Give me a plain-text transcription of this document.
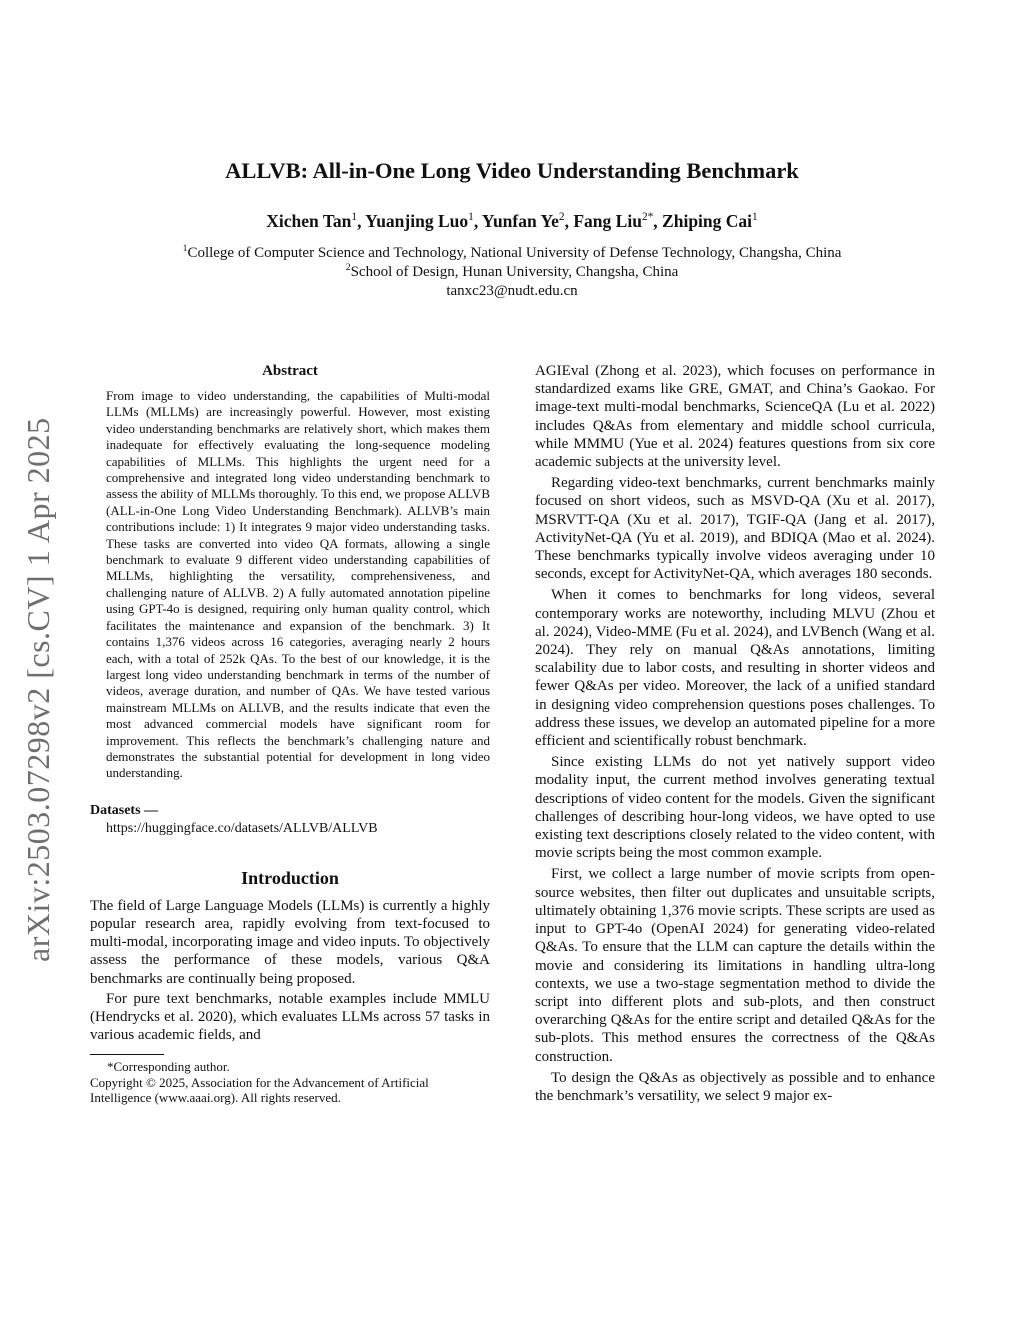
arXiv:2503.07298v2 [cs.CV] 1 Apr 2025
ALLVB: All-in-One Long Video Understanding Benchmark
Xichen Tan$^1$, Yuanjing Luo$^1$, Yunfan Ye$^2$, Fang Liu$^{2*}$, Zhiping Cai$^1$
$^1$College of Computer Science and Technology, National University of Defense Technology, Changsha, China
$^2$School of Design, Hunan University, Changsha, China
tanxc23@nudt.edu.cn
Abstract

From image to video understanding, the capabilities of Multi-modal LLMs (MLLMs) are increasingly powerful. However, most existing video understanding benchmarks are relatively short, which makes them inadequate for effectively evaluating the long-sequence modeling capabilities of MLLMs. This highlights the urgent need for a comprehensive and integrated long video understanding benchmark to assess the ability of MLLMs thoroughly. To this end, we propose ALLVB (ALL-in-One Long Video Understanding Benchmark). ALLVB’s main contributions include: 1) It integrates 9 major video understanding tasks. These tasks are converted into video QA formats, allowing a single benchmark to evaluate 9 different video understanding capabilities of MLLMs, highlighting the versatility, comprehensiveness, and challenging nature of ALLVB. 2) A fully automated annotation pipeline using GPT-4o is designed, requiring only human quality control, which facilitates the maintenance and expansion of the benchmark. 3) It contains 1,376 videos across 16 categories, averaging nearly 2 hours each, with a total of 252k QAs. To the best of our knowledge, it is the largest long video understanding benchmark in terms of the number of videos, average duration, and number of QAs. We have tested various mainstream MLLMs on ALLVB, and the results indicate that even the most advanced commercial models have significant room for improvement. This reflects the benchmark’s challenging nature and demonstrates the substantial potential for development in long video understanding.

Datasets —
https://huggingface.co/datasets/ALLVB/ALLVB
Introduction

The field of Large Language Models (LLMs) is currently a highly popular research area, rapidly evolving from text-focused to multi-modal, incorporating image and video inputs. To objectively assess the performance of these models, various Q&A benchmarks are continually being proposed.

For pure text benchmarks, notable examples include MMLU (Hendrycks et al. 2020), which evaluates LLMs across 57 tasks in various academic fields, and

*Corresponding author.

Copyright © 2025, Association for the Advancement of Artificial Intelligence (www.aaai.org). All rights reserved.

AGIEval (Zhong et al. 2023), which focuses on performance in standardized exams like GRE, GMAT, and China’s Gaokao. For image-text multi-modal benchmarks, ScienceQA (Lu et al. 2022) includes Q&As from elementary and middle school curricula, while MMMU (Yue et al. 2024) features questions from six core academic subjects at the university level.

Regarding video-text benchmarks, current benchmarks mainly focused on short videos, such as MSVD-QA (Xu et al. 2017), MSRVTT-QA (Xu et al. 2017), TGIF-QA (Jang et al. 2017), ActivityNet-QA (Yu et al. 2019), and BDIQA (Mao et al. 2024). These benchmarks typically involve videos averaging under 10 seconds, except for ActivityNet-QA, which averages 180 seconds.

When it comes to benchmarks for long videos, several contemporary works are noteworthy, including MLVU (Zhou et al. 2024), Video-MME (Fu et al. 2024), and LVBench (Wang et al. 2024). They rely on manual Q&As annotations, limiting scalability due to labor costs, and resulting in shorter videos and fewer Q&As per video. Moreover, the lack of a unified standard in designing video comprehension questions poses challenges. To address these issues, we develop an automated pipeline for a more efficient and scientifically robust benchmark.

Since existing LLMs do not yet natively support video modality input, the current method involves generating textual descriptions of video content for the models. Given the significant challenges of describing hour-long videos, we have opted to use existing text descriptions closely related to the video content, with movie scripts being the most common example.

First, we collect a large number of movie scripts from open-source websites, then filter out duplicates and unsuitable scripts, ultimately obtaining 1,376 movie scripts. These scripts are used as input to GPT-4o (OpenAI 2024) for generating video-related Q&As. To ensure that the LLM can capture the details within the movie and considering its limitations in handling ultra-long contexts, we use a two-stage segmentation method to divide the script into different plots and sub-plots, and then construct overarching Q&As for the entire script and detailed Q&As for the sub-plots. This method ensures the correctness of the Q&As construction.

To design the Q&As as objectively as possible and to enhance the benchmark’s versatility, we select 9 major ex-
